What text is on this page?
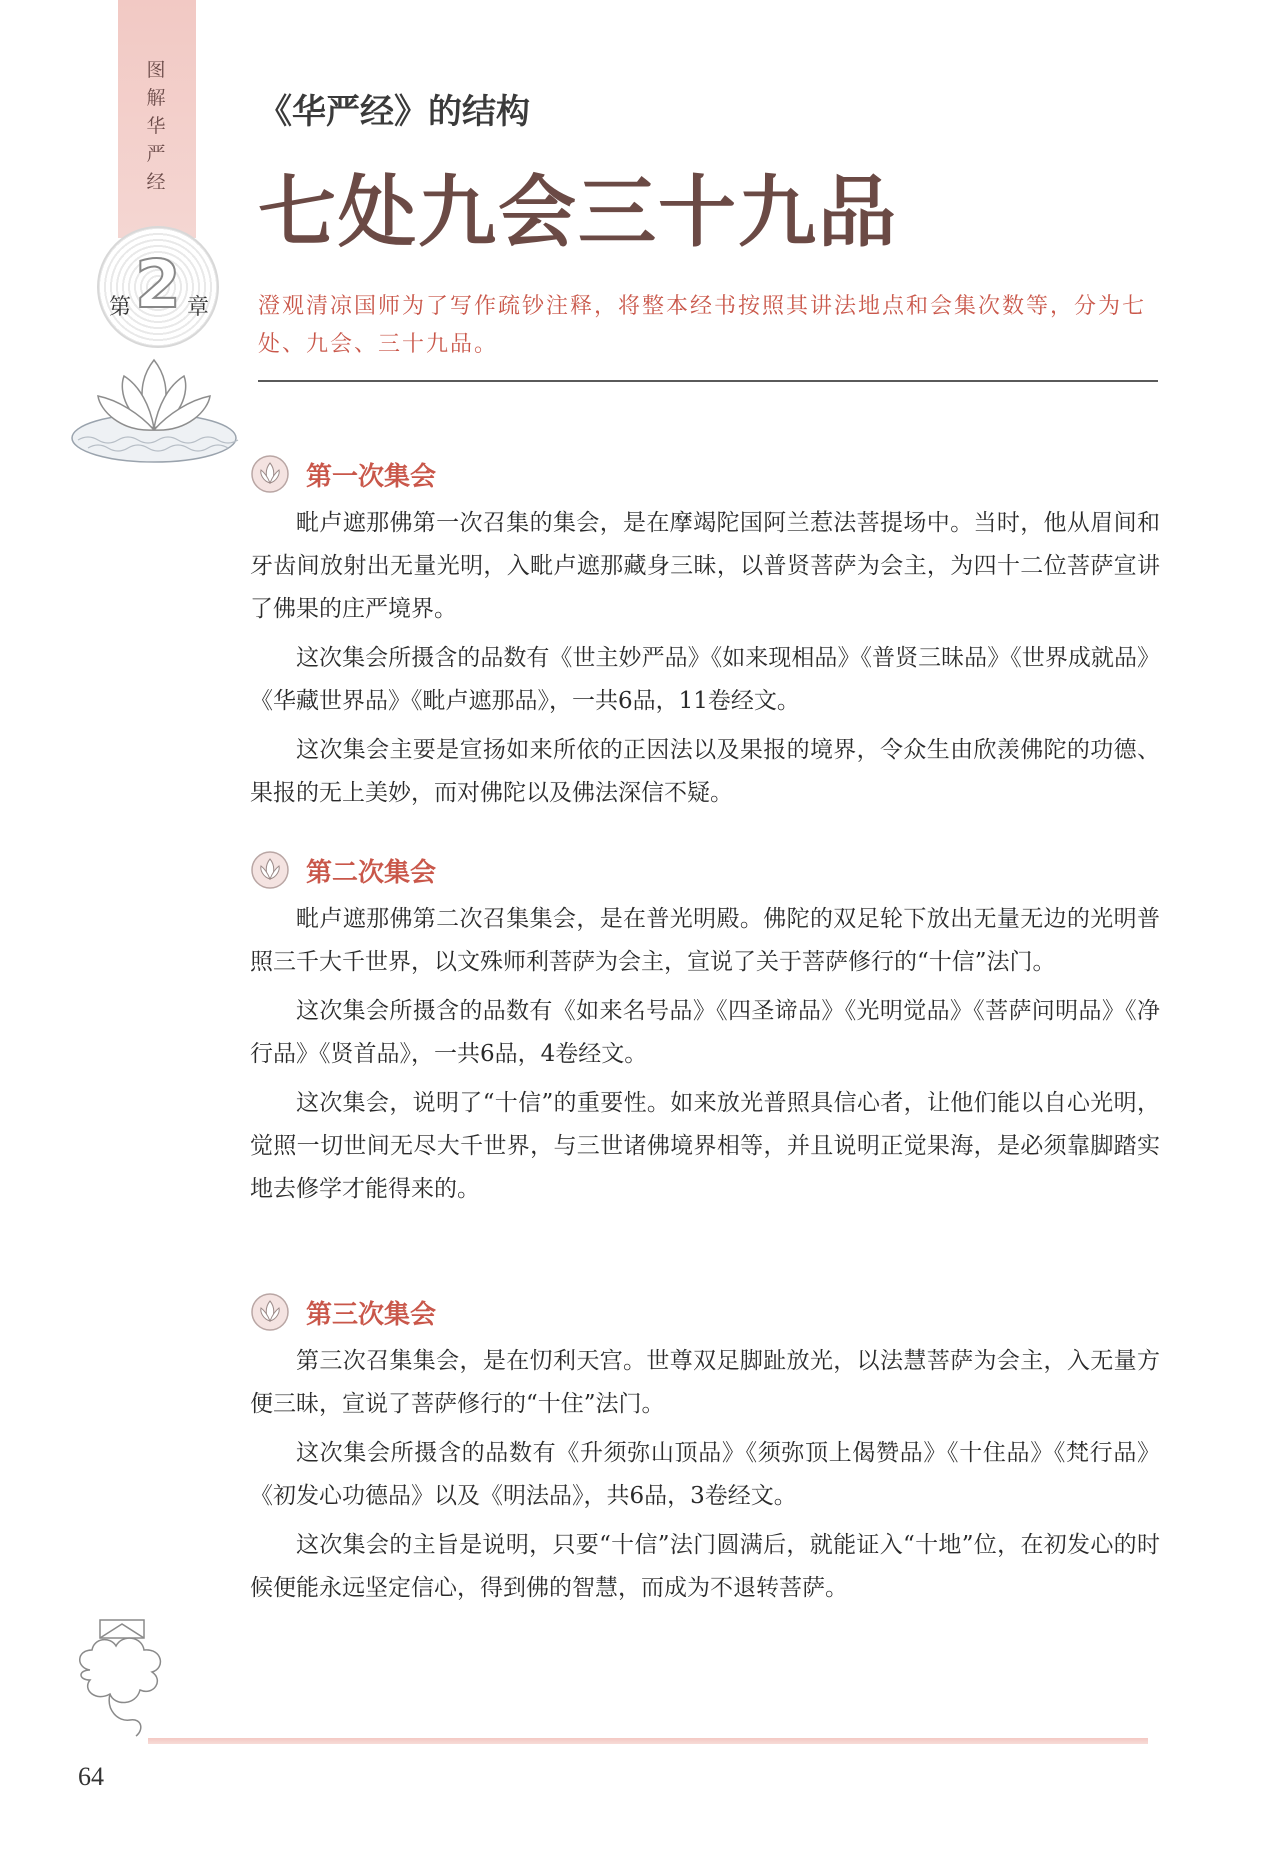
图
解
华
严
经
2
第	章
《华严经》的结构
七处九会三十九品
澄观清凉国师为了写作疏钞注释，将整本经书按照其讲法地点和会集次数等，分为七处、九会、三十九品。
第一次集会

毗卢遮那佛第一次召集的集会，是在摩竭陀国阿兰惹法菩提场中。当时，他从眉间和牙齿间放射出无量光明，入毗卢遮那藏身三昧，以普贤菩萨为会主，为四十二位菩萨宣讲了佛果的庄严境界。

这次集会所摄含的品数有《世主妙严品》《如来现相品》《普贤三昧品》《世界成就品》《华藏世界品》《毗卢遮那品》，一共6品，11卷经文。

这次集会主要是宣扬如来所依的正因法以及果报的境界，令众生由欣羡佛陀的功德、果报的无上美妙，而对佛陀以及佛法深信不疑。

第二次集会

毗卢遮那佛第二次召集集会，是在普光明殿。佛陀的双足轮下放出无量无边的光明普照三千大千世界，以文殊师利菩萨为会主，宣说了关于菩萨修行的“十信”法门。

这次集会所摄含的品数有《如来名号品》《四圣谛品》《光明觉品》《菩萨问明品》《净行品》《贤首品》，一共6品，4卷经文。

这次集会，说明了“十信”的重要性。如来放光普照具信心者，让他们能以自心光明，觉照一切世间无尽大千世界，与三世诸佛境界相等，并且说明正觉果海，是必须靠脚踏实地去修学才能得来的。

第三次集会

第三次召集集会，是在忉利天宫。世尊双足脚趾放光，以法慧菩萨为会主，入无量方便三昧，宣说了菩萨修行的“十住”法门。

这次集会所摄含的品数有《升须弥山顶品》《须弥顶上偈赞品》《十住品》《梵行品》《初发心功德品》以及《明法品》，共6品，3卷经文。

这次集会的主旨是说明，只要“十信”法门圆满后，就能证入“十地”位，在初发心的时候便能永远坚定信心，得到佛的智慧，而成为不退转菩萨。

64
